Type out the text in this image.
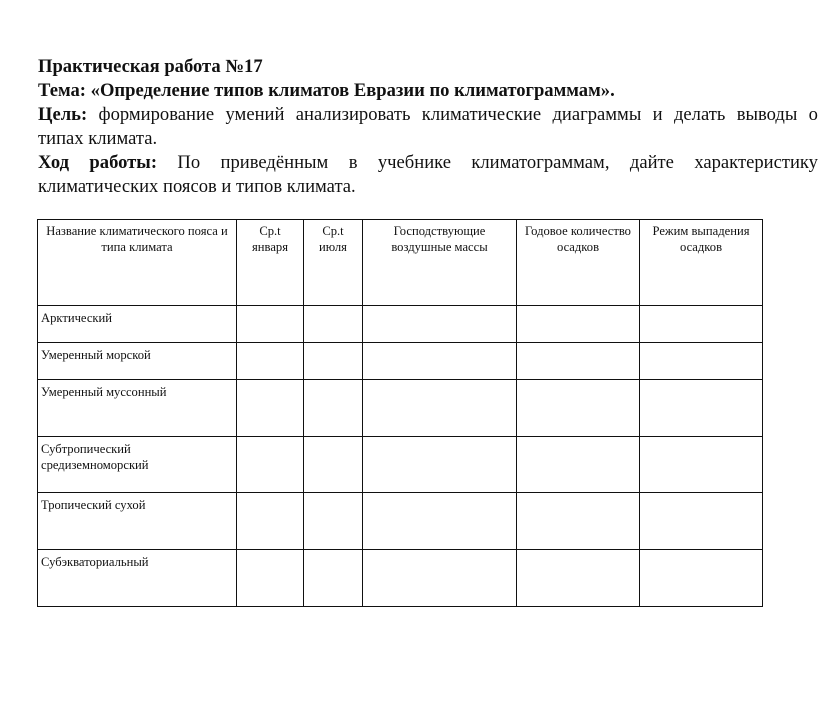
Практическая работа №17

Тема: «Определение типов климатов Евразии по климатограммам».

Цель: формирование умений анализировать климатические диаграммы и делать выводы о

типах климата.

Ход работы: По приведённым в учебнике климатограммам, дайте характеристику

климатических поясов и типов климата.

Название климатического пояса и типа климата	Ср.t января	Ср.t июля	Господствующие воздушные массы	Годовое количество осадков	Режим выпадения осадков
Арктический					
Умеренный морской					
Умеренный муссонный					
Субтропический средиземноморский					
Тропический сухой					
Субэкваториальный					
